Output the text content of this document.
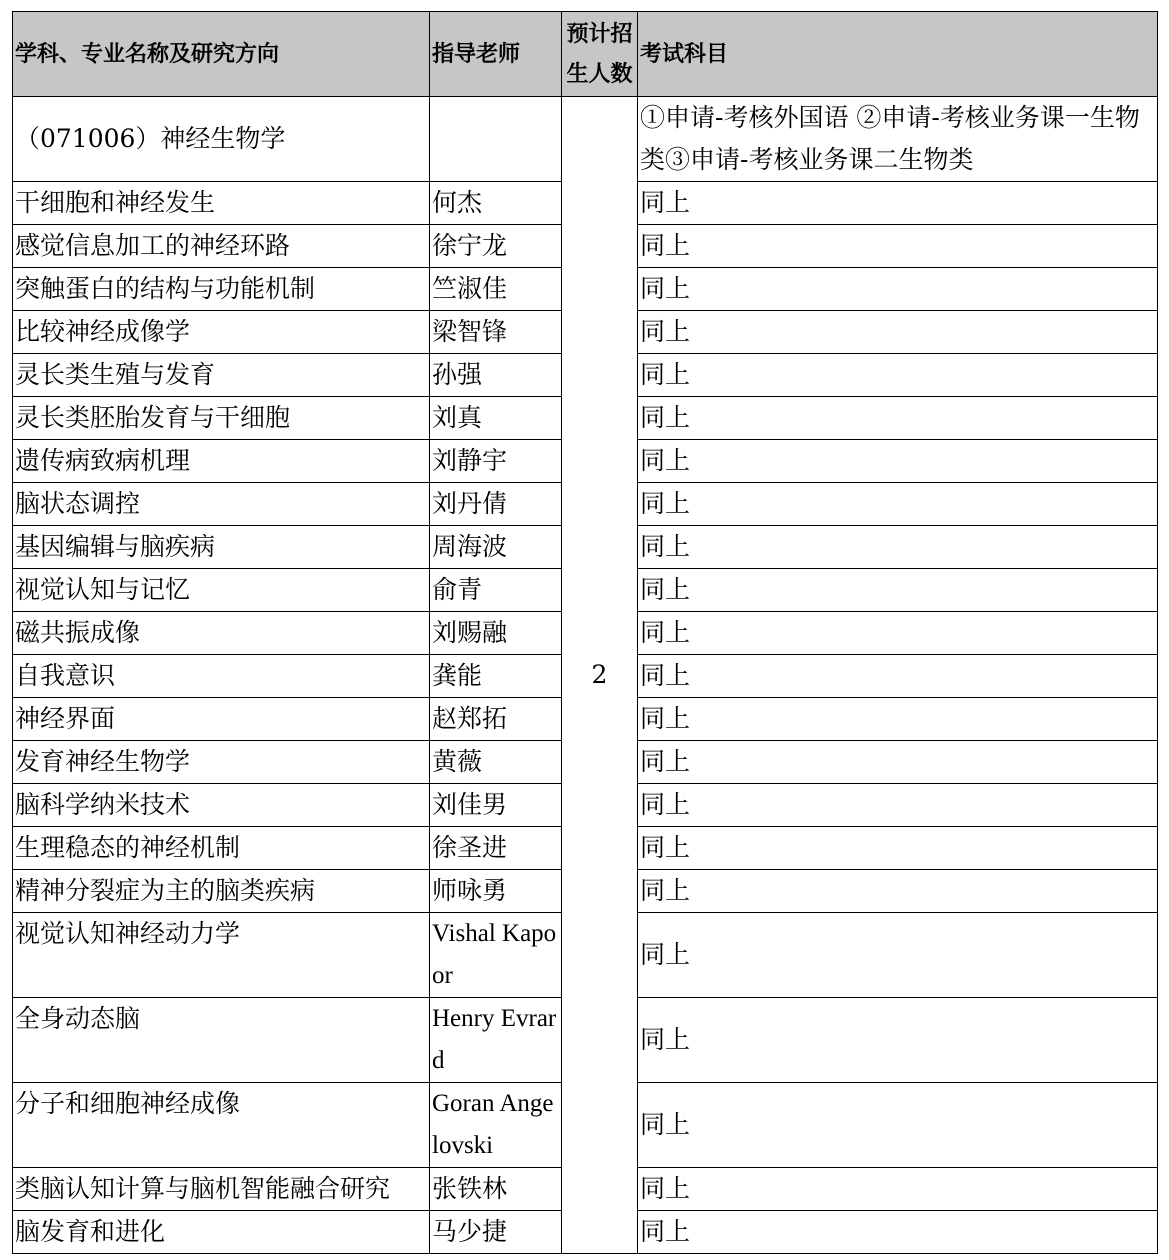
学科、专业名称及研究方向	指导老师	预计招生人数	考试科目
（071006）神经生物学		2	①申请-考核外国语 ②申请-考核业务课一生物类③申请-考核业务课二生物类
干细胞和神经发生	何杰		同上
感觉信息加工的神经环路	徐宁龙		同上
突触蛋白的结构与功能机制	竺淑佳		同上
比较神经成像学	梁智锋		同上
灵长类生殖与发育	孙强		同上
灵长类胚胎发育与干细胞	刘真		同上
遗传病致病机理	刘静宇		同上
脑状态调控	刘丹倩		同上
基因编辑与脑疾病	周海波		同上
视觉认知与记忆	俞青		同上
磁共振成像	刘赐融		同上
自我意识	龚能		同上
神经界面	赵郑拓		同上
发育神经生物学	黄薇		同上
脑科学纳米技术	刘佳男		同上
生理稳态的神经机制	徐圣进		同上
精神分裂症为主的脑类疾病	师咏勇		同上
视觉认知神经动力学	Vishal Kapoor		同上
全身动态脑	Henry Evrard		同上
分子和细胞神经成像	Goran Angelovski		同上
类脑认知计算与脑机智能融合研究	张铁林		同上
脑发育和进化	马少捷		同上
